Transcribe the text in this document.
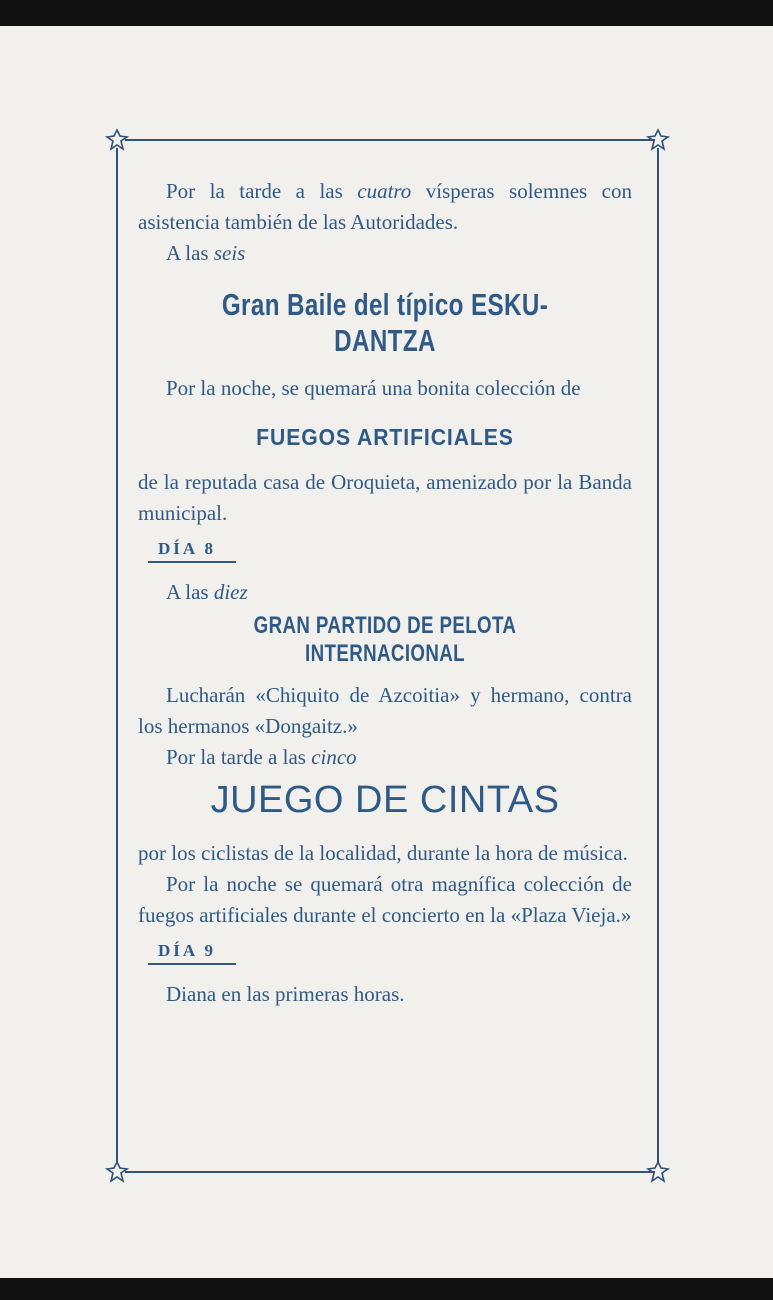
Por la tarde a las cuatro vísperas solemnes con asistencia también de las Autoridades.

A las seis

Gran Baile del típico ESKU-DANTZA

Por la noche, se quemará una bonita colección de

FUEGOS ARTIFICIALES

de la reputada casa de Oroquieta, amenizado por la Banda municipal.

DÍA 8

A las diez

GRAN PARTIDO DE PELOTA INTERNACIONAL

Lucharán «Chiquito de Azcoitia» y hermano, contra los hermanos «Dongaitz.»

Por la tarde a las cinco

JUEGO DE CINTAS

por los ciclistas de la localidad, durante la hora de música.

Por la noche se quemará otra magnífica colección de fuegos artificiales durante el concierto en la «Plaza Vieja.»

DÍA 9

Diana en las primeras horas.
